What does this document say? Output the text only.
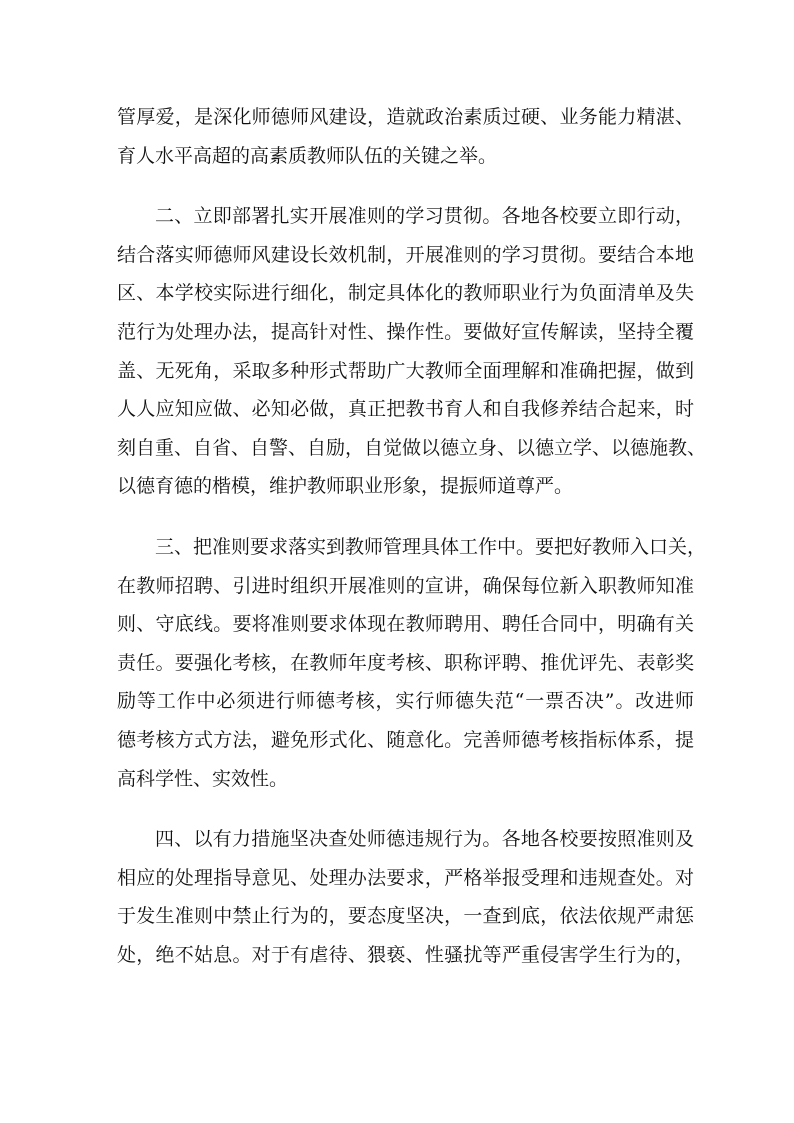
管厚爱，是深化师德师风建设，造就政治素质过硬、业务能力精湛、
育人水平高超的高素质教师队伍的关键之举。
二、立即部署扎实开展准则的学习贯彻。各地各校要立即行动，
结合落实师德师风建设长效机制，开展准则的学习贯彻。要结合本地
区、本学校实际进行细化，制定具体化的教师职业行为负面清单及失
范行为处理办法，提高针对性、操作性。要做好宣传解读，坚持全覆
盖、无死角，采取多种形式帮助广大教师全面理解和准确把握，做到
人人应知应做、必知必做，真正把教书育人和自我修养结合起来，时
刻自重、自省、自警、自励，自觉做以德立身、以德立学、以德施教、
以德育德的楷模，维护教师职业形象，提振师道尊严。
三、把准则要求落实到教师管理具体工作中。要把好教师入口关，
在教师招聘、引进时组织开展准则的宣讲，确保每位新入职教师知准
则、守底线。要将准则要求体现在教师聘用、聘任合同中，明确有关
责任。要强化考核，在教师年度考核、职称评聘、推优评先、表彰奖
励等工作中必须进行师德考核，实行师德失范“一票否决”。改进师
德考核方式方法，避免形式化、随意化。完善师德考核指标体系，提
高科学性、实效性。
四、以有力措施坚决查处师德违规行为。各地各校要按照准则及
相应的处理指导意见、处理办法要求，严格举报受理和违规查处。对
于发生准则中禁止行为的，要态度坚决，一查到底，依法依规严肃惩
处，绝不姑息。对于有虐待、猥亵、性骚扰等严重侵害学生行为的，
